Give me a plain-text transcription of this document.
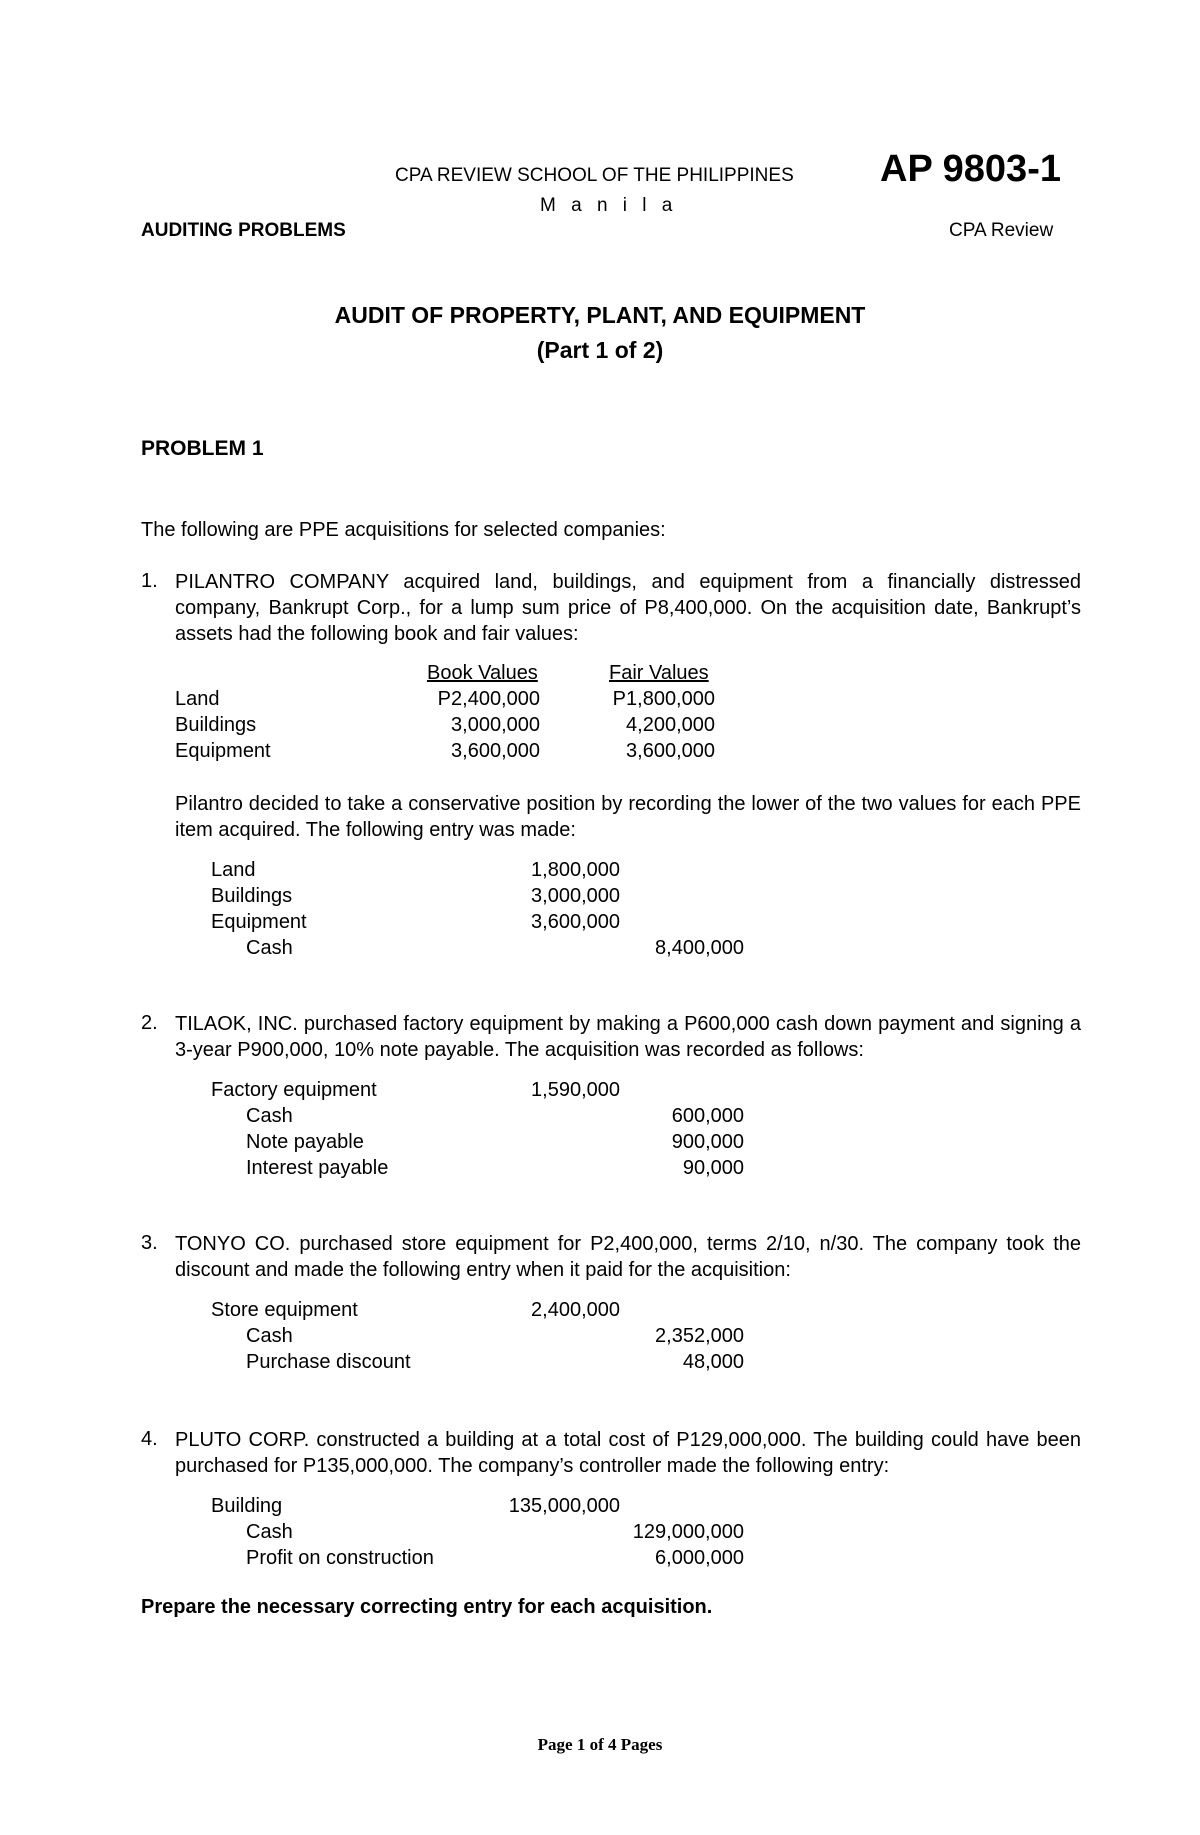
CPA REVIEW SCHOOL OF THE PHILIPPINES
M a n i l a
AP 9803-1
AUDITING PROBLEMS	CPA Review
AUDIT OF PROPERTY, PLANT, AND EQUIPMENT
(Part 1 of 2)
PROBLEM 1
The following are PPE acquisitions for selected companies:
1. PILANTRO COMPANY acquired land, buildings, and equipment from a financially distressed company, Bankrupt Corp., for a lump sum price of P8,400,000. On the acquisition date, Bankrupt’s assets had the following book and fair values:
Book Values	Fair Values
Land	P2,400,000	P1,800,000
Buildings	3,000,000	4,200,000
Equipment	3,600,000	3,600,000
Pilantro decided to take a conservative position by recording the lower of the two values for each PPE item acquired. The following entry was made:
Land	1,800,000
Buildings	3,000,000
Equipment	3,600,000
Cash	8,400,000
2. TILAOK, INC. purchased factory equipment by making a P600,000 cash down payment and signing a 3-year P900,000, 10% note payable. The acquisition was recorded as follows:
Factory equipment	1,590,000
Cash	600,000
Note payable	900,000
Interest payable	90,000
3. TONYO CO. purchased store equipment for P2,400,000, terms 2/10, n/30. The company took the discount and made the following entry when it paid for the acquisition:
Store equipment	2,400,000
Cash	2,352,000
Purchase discount	48,000
4. PLUTO CORP. constructed a building at a total cost of P129,000,000. The building could have been purchased for P135,000,000. The company’s controller made the following entry:
Building	135,000,000
Cash	129,000,000
Profit on construction	6,000,000
Prepare the necessary correcting entry for each acquisition.
Page 1 of 4 Pages
